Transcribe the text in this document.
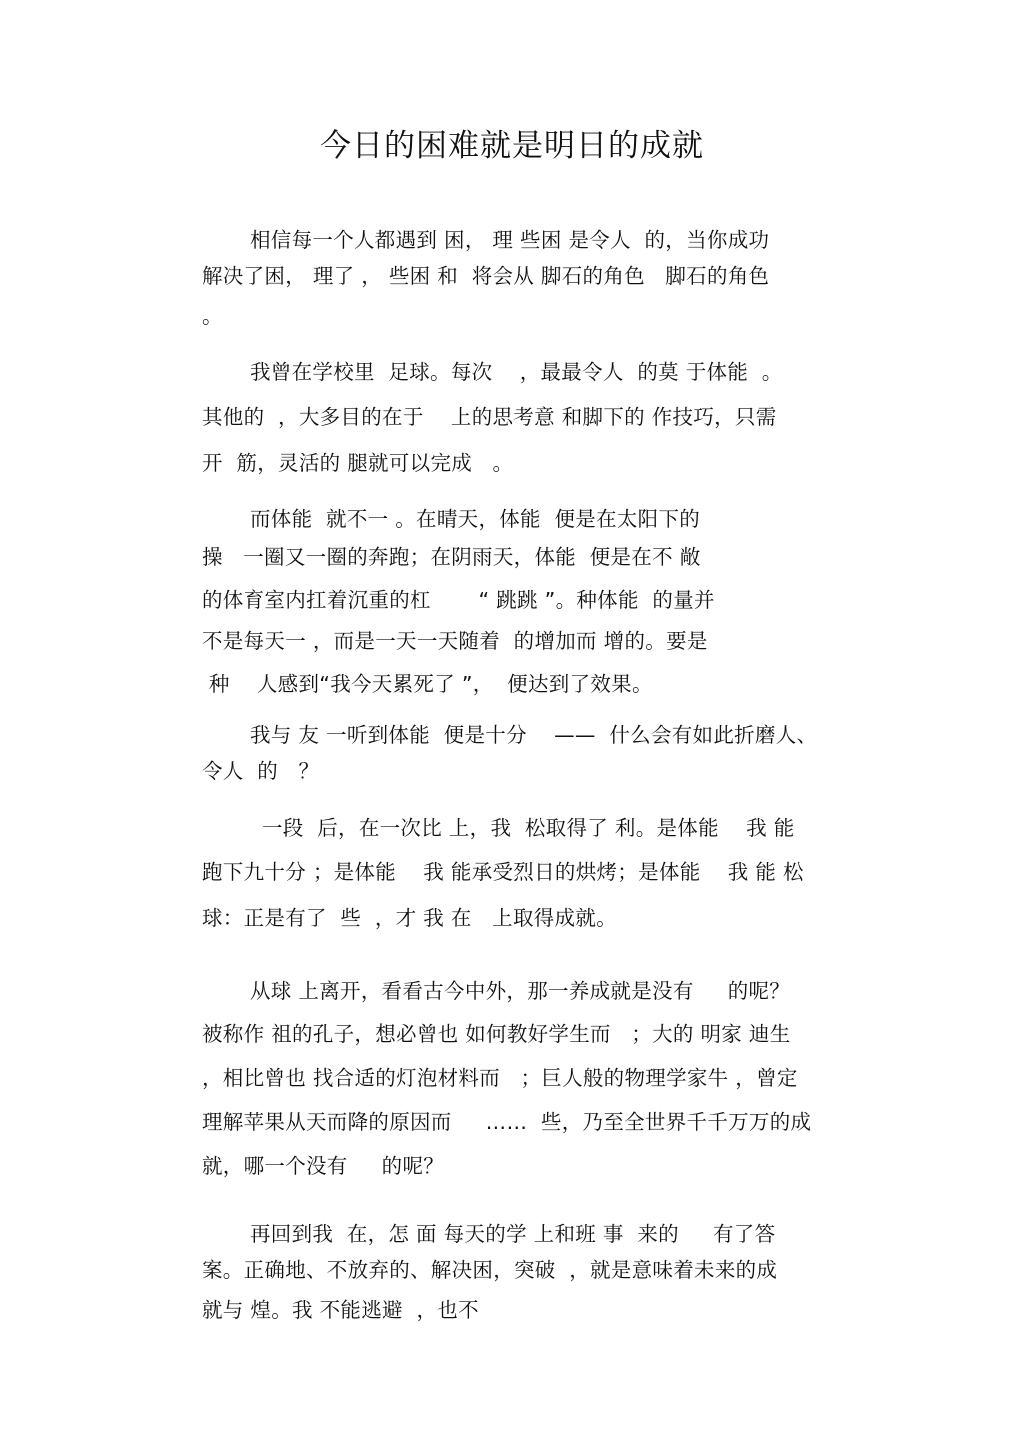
今日的困难就是明日的成就
相信每一个人都遇到 困， 理 些困 是令人  的，当你成功
解决了困， 理了 ， 些困 和  将会从 脚石的角色   脚石的角色
。
我曾在学校里  足球。每次    ，最最令人  的莫 于体能  。
其他的  ，大多目的在于    上的思考意 和脚下的 作技巧，只需
开  筋，灵活的 腿就可以完成   。
而体能  就不一 。在晴天，体能  便是在太阳下的
操   一圈又一圈的奔跑；在阴雨天，体能  便是在不 敞
的体育室内扛着沉重的杠       “ 跳跳 ”。种体能  的量并
不是每天一 ，而是一天一天随着  的增加而 增的。要是
种    人感到“我今天累死了 ”，  便达到了效果。
我与 友 一听到体能  便是十分    ——  什么会有如此折磨人、
令人  的   ？
一段  后，在一次比 上，我  松取得了 利。是体能    我 能
跑下九十分 ；是体能    我 能承受烈日的烘烤；是体能    我 能 松
球：正是有了  些  ，才 我 在   上取得成就。
从球 上离开，看看古今中外，那一养成就是没有     的呢？
被称作 祖的孔子，想必曾也 如何教好学生而   ；大的 明家 迪生
，相比曾也 找合适的灯泡材料而   ；巨人般的物理学家牛 ，曾定
理解苹果从天而降的原因而     ……  些，乃至全世界千千万万的成
就，哪一个没有     的呢？
再回到我  在，怎 面 每天的学 上和班 事  来的     有了答
案。正确地、不放弃的、解决困，突破  ，就是意味着未来的成
就与 煌。我 不能逃避  ，也不
